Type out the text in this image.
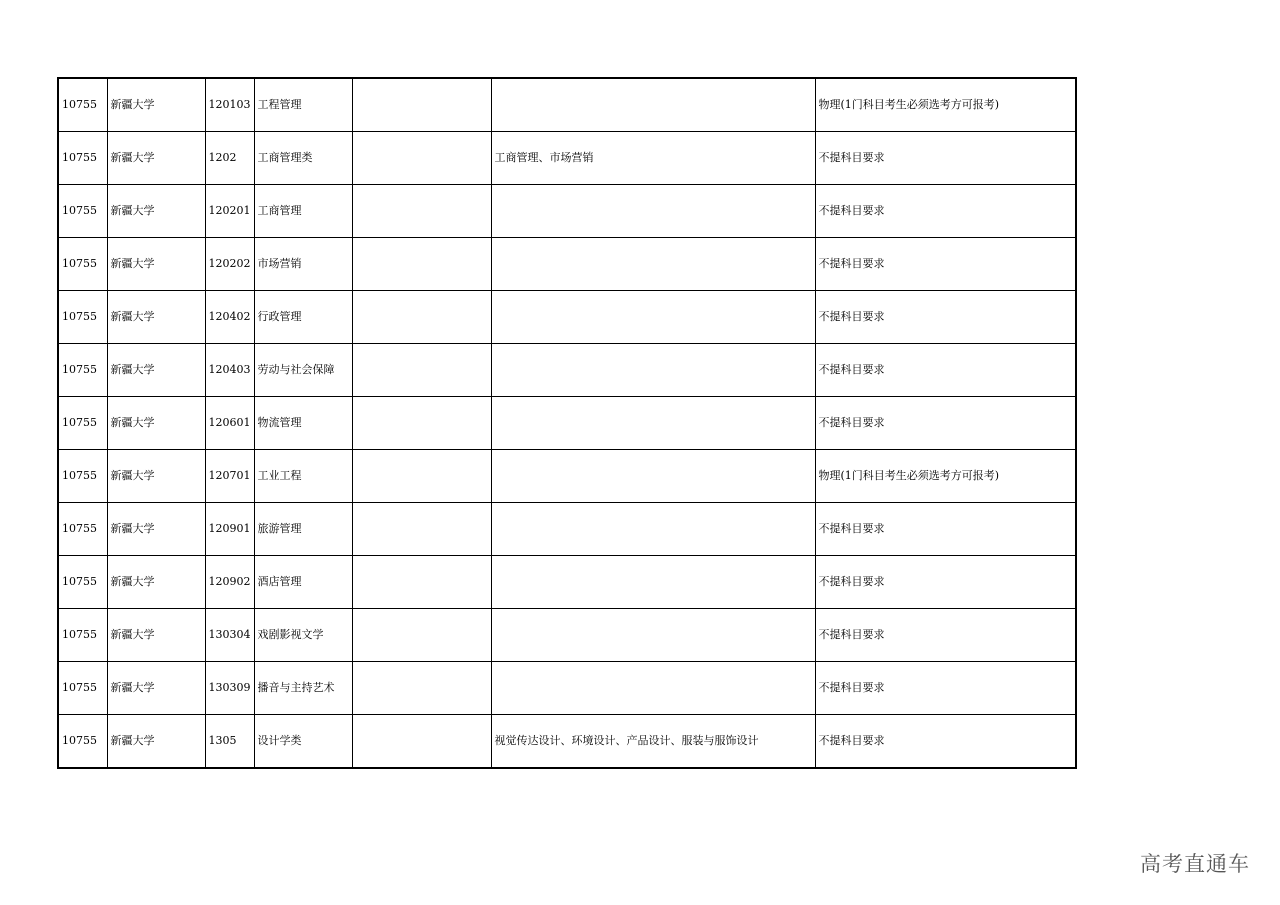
10755	新疆大学	120103	工程管理			物理(1门科目考生必须选考方可报考)
10755	新疆大学	1202	工商管理类		工商管理、市场营销	不提科目要求
10755	新疆大学	120201	工商管理			不提科目要求
10755	新疆大学	120202	市场营销			不提科目要求
10755	新疆大学	120402	行政管理			不提科目要求
10755	新疆大学	120403	劳动与社会保障			不提科目要求
10755	新疆大学	120601	物流管理			不提科目要求
10755	新疆大学	120701	工业工程			物理(1门科目考生必须选考方可报考)
10755	新疆大学	120901	旅游管理			不提科目要求
10755	新疆大学	120902	酒店管理			不提科目要求
10755	新疆大学	130304	戏剧影视文学			不提科目要求
10755	新疆大学	130309	播音与主持艺术			不提科目要求
10755	新疆大学	1305	设计学类		视觉传达设计、环境设计、产品设计、服装与服饰设计	不提科目要求
高考直通车
